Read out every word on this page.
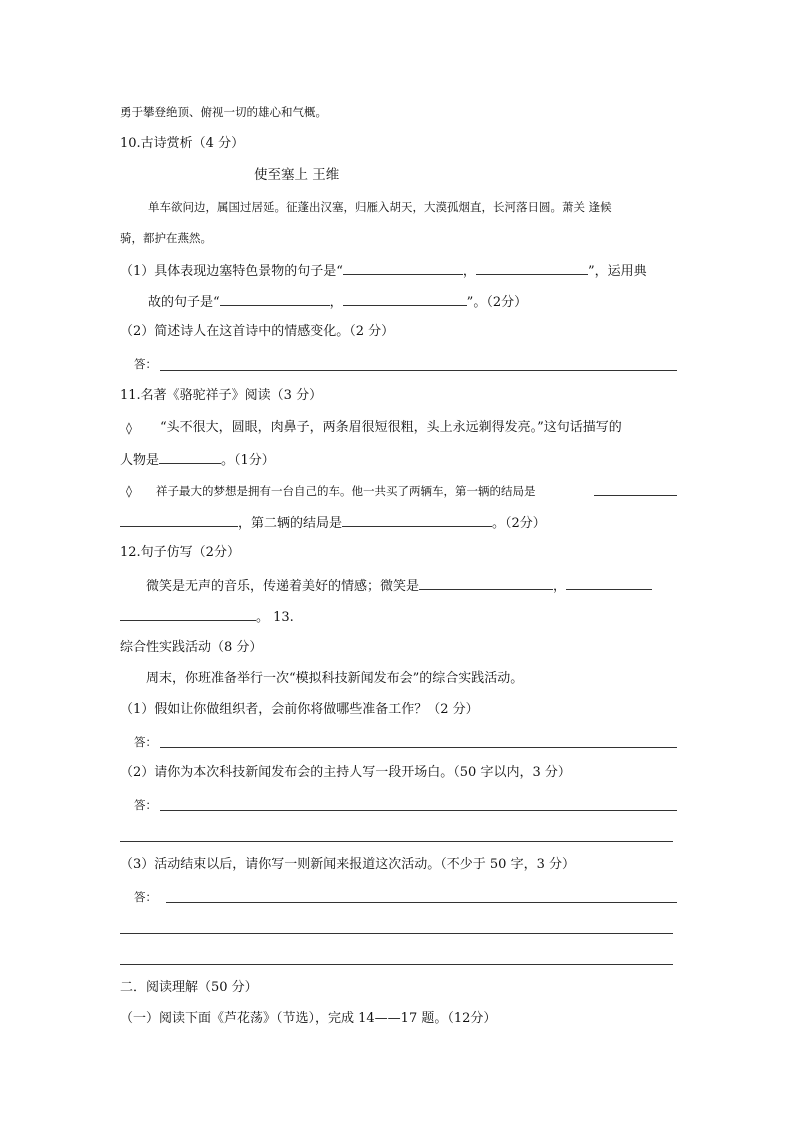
勇于攀登绝顶、俯视一切的雄心和气概。
10.古诗赏析（4 分）
使至塞上 王维
单车欲问边，属国过居延。征蓬出汉塞，归雁入胡天，大漠孤烟直，长河落日圆。萧关 逢候
骑，都护在燕然。
（1）具体表现边塞特色景物的句子是“	，	”，运用典
故的句子是“	，	”。（2分）
（2）简述诗人在这首诗中的情感变化。（2 分）
答：
11.名著《骆驼祥子》阅读（3 分）
◊ “头不很大，圆眼，肉鼻子，两条眉很短很粗，头上永远剃得发亮。”这句话描写的
人物是	。（1分）
◊ 祥子最大的梦想是拥有一台自己的车。他一共买了两辆车，第一辆的结局是
，第二辆的结局是	。（2分）
12.句子仿写（2分）
微笑是无声的音乐，传递着美好的情感；微笑是	，
。 13.
综合性实践活动（8 分）
周末，你班准备举行一次“模拟科技新闻发布会”的综合实践活动。
（1）假如让你做组织者，会前你将做哪些准备工作？（2 分）
答：
（2）请你为本次科技新闻发布会的主持人写一段开场白。（50 字以内，3 分）
答：
（3）活动结束以后，请你写一则新闻来报道这次活动。（不少于 50 字，3 分）
答：
二．阅读理解（50 分）
（一）阅读下面《芦花荡》（节选），完成 14——17 题。（12分）
